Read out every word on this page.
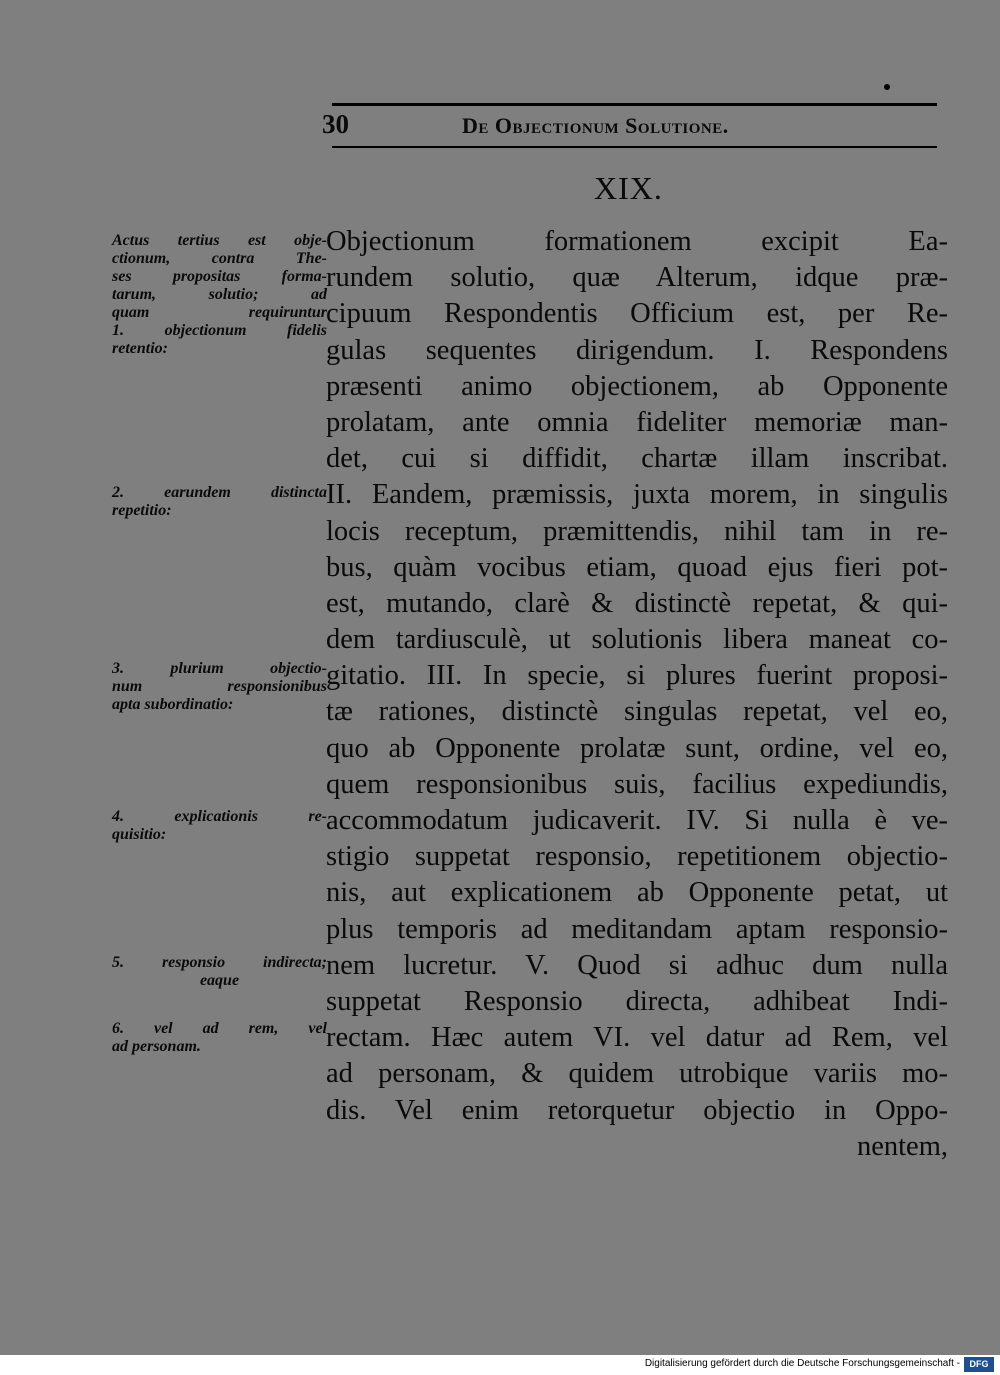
30	De Objectionum Solutione.
XIX.
Objectionum formationem excipit Ea-
rundem solutio, quæ Alterum, idque præ-
cipuum Respondentis Officium est, per Re-
gulas sequentes dirigendum. I. Respondens
præsenti animo objectionem, ab Opponente
prolatam, ante omnia fideliter memoriæ man-
det, cui si diffidit, chartæ illam inscribat.
II. Eandem, præmissis, juxta morem, in singulis
locis receptum, præmittendis, nihil tam in re-
bus, quàm vocibus etiam, quoad ejus fieri pot-
est, mutando, clarè & distinctè repetat, & qui-
dem tardiusculè, ut solutionis libera maneat co-
gitatio. III. In specie, si plures fuerint proposi-
tæ rationes, distinctè singulas repetat, vel eo,
quo ab Opponente prolatæ sunt, ordine, vel eo,
quem responsionibus suis, facilius expediundis,
accommodatum judicaverit. IV. Si nulla è ve-
stigio suppetat responsio, repetitionem objectio-
nis, aut explicationem ab Opponente petat, ut
plus temporis ad meditandam aptam responsio-
nem lucretur. V. Quod si adhuc dum nulla
suppetat Responsio directa, adhibeat Indi-
rectam. Hæc autem VI. vel datur ad Rem, vel
ad personam, & quidem utrobique variis mo-
dis. Vel enim retorquetur objectio in Oppo-
nentem,
Actus tertius est obje-
ctionum, contra The-
ses propositas forma-
tarum, solutio; ad
quam requiruntur
1. objectionum fidelis
retentio:
2. earundem distincta
repetitio:
3. plurium objectio-
num responsionibus
apta subordinatio:
4. explicationis re-
quisitio:
5. responsio indirecta;
eaque
6. vel ad rem, vel
ad personam.
Digitalisierung gefördert durch die Deutsche Forschungsgemeinschaft -	DFG
